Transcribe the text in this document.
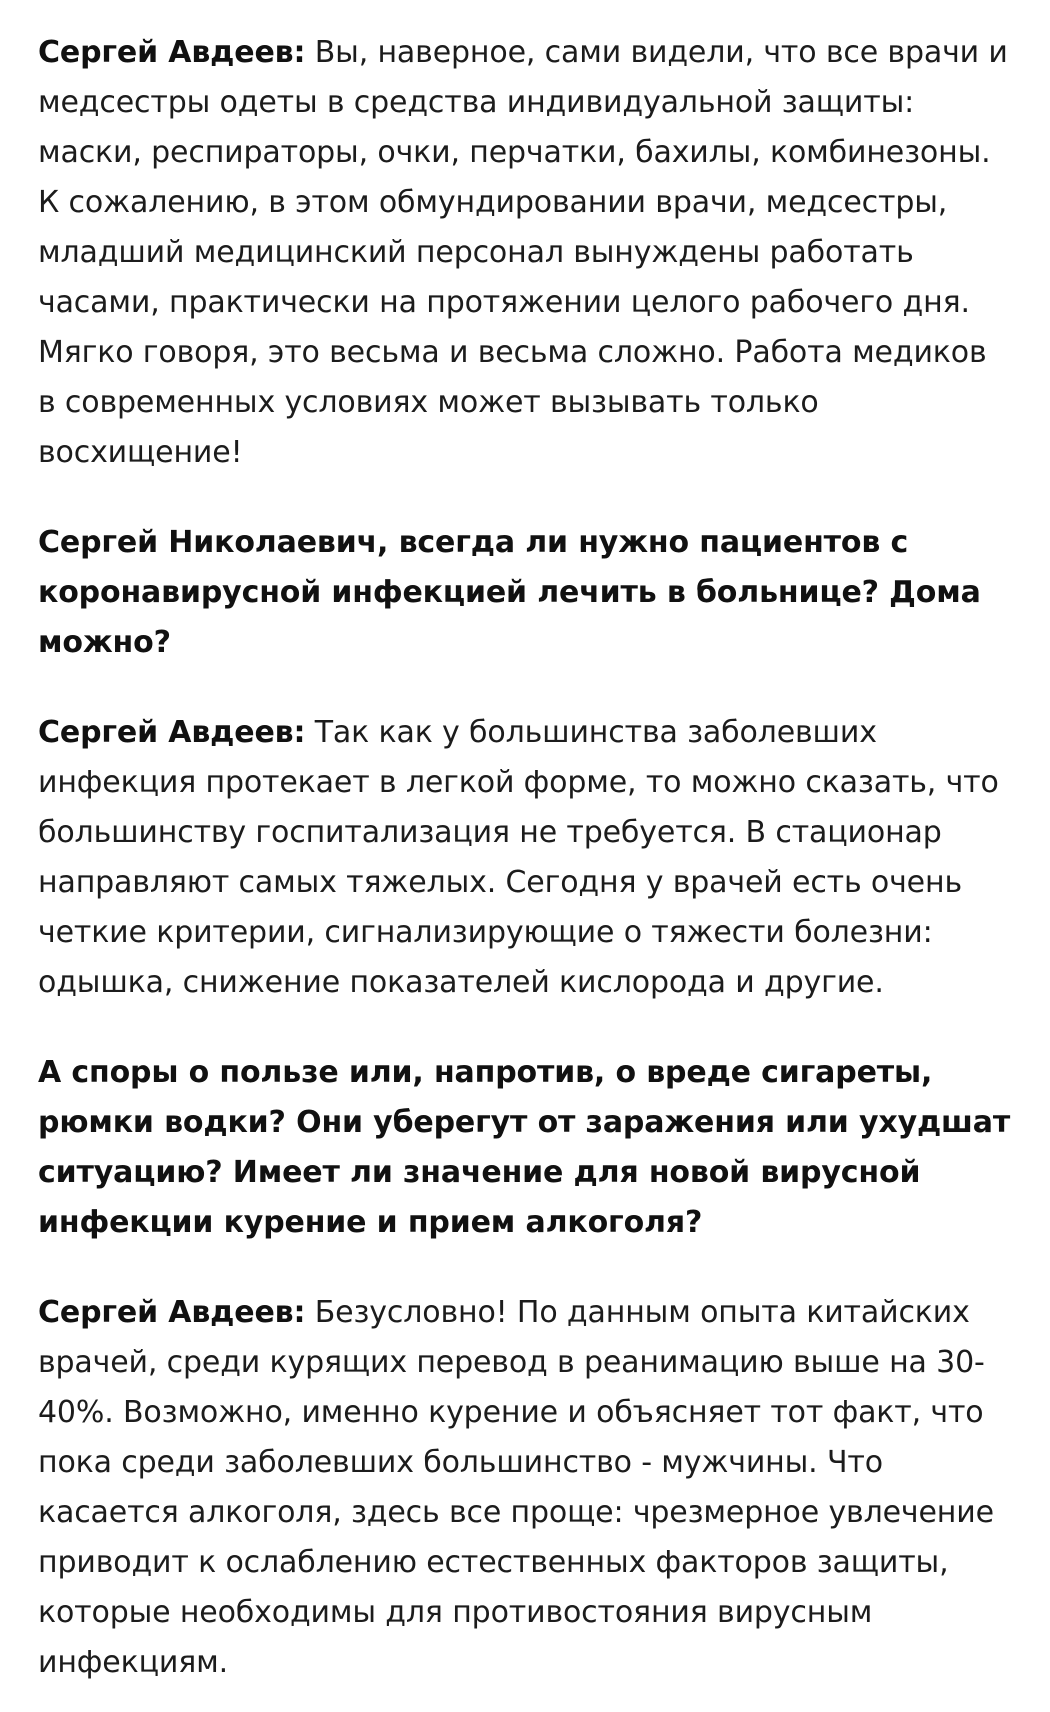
Сергей Авдеев: Вы, наверное, сами видели, что все врачи и медсестры одеты в средства индивидуальной защиты: маски, респираторы, очки, перчатки, бахилы, комбинезоны. К сожалению, в этом обмундировании врачи, медсестры, младший медицинский персонал вынуждены работать часами, практически на протяжении целого рабочего дня. Мягко говоря, это весьма и весьма сложно. Работа медиков в современных условиях может вызывать только восхищение!

Сергей Николаевич, всегда ли нужно пациентов с коронавирусной инфекцией лечить в больнице? Дома можно?

Сергей Авдеев: Так как у большинства заболевших инфекция протекает в легкой форме, то можно сказать, что большинству госпитализация не требуется. В стационар направляют самых тяжелых. Сегодня у врачей есть очень четкие критерии, сигнализирующие о тяжести болезни: одышка, снижение показателей кислорода и другие.

А споры о пользе или, напротив, о вреде сигареты, рюмки водки? Они уберегут от заражения или ухудшат ситуацию? Имеет ли значение для новой вирусной инфекции курение и прием алкоголя?

Сергей Авдеев: Безусловно! По данным опыта китайских врачей, среди курящих перевод в реанимацию выше на 30-40%. Возможно, именно курение и объясняет тот факт, что пока среди заболевших большинство - мужчины. Что касается алкоголя, здесь все проще: чрезмерное увлечение приводит к ослаблению естественных факторов защиты, которые необходимы для противостояния вирусным инфекциям.
